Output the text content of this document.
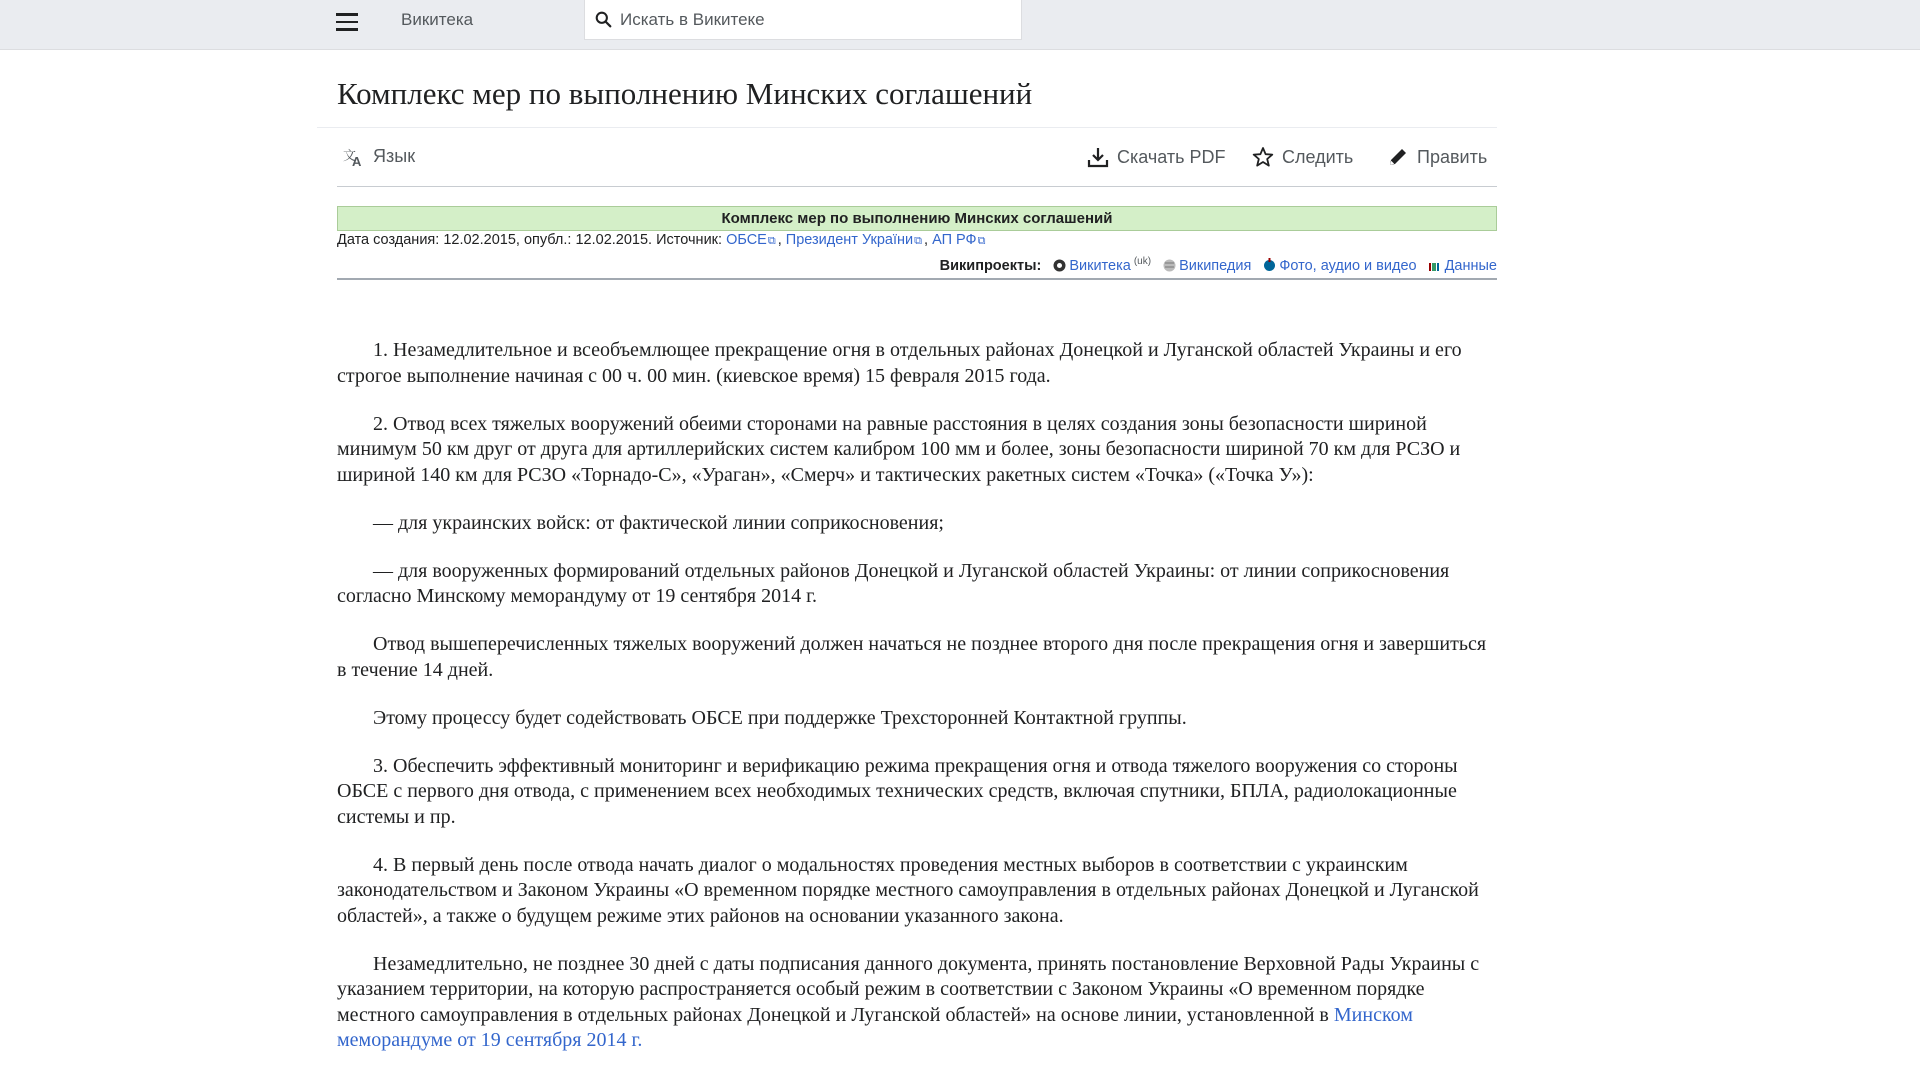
Викитека
Искать в Викитеке
Комплекс мер по выполнению Минских соглашений
文
A Язык	Скачать PDF	Следить	Править
Комплекс мер по выполнению Минских соглашений
Дата создания: 12.02.2015, опубл.: 12.02.2015. Источник: ОБСЕ⧉ , Президент України⧉ , АП РФ⧉
Википроекты: Викитека $^{(uk)}$ Википедия Фото, аудио и видео Данные

1. Незамедлительное и всеобъемлющее прекращение огня в отдельных районах Донецкой и Луганской областей Украины и его строгое выполнение начиная с 00 ч. 00 мин. (киевское время) 15 февраля 2015 года.

2. Отвод всех тяжелых вооружений обеими сторонами на равные расстояния в целях создания зоны безопасности шириной минимум 50 км друг от друга для артиллерийских систем калибром 100 мм и более, зоны безопасности шириной 70 км для РСЗО и шириной 140 км для РСЗО «Торнадо-С», «Ураган», «Смерч» и тактических ракетных систем «Точка» («Точка У»):

— для украинских войск: от фактической линии соприкосновения;

— для вооруженных формирований отдельных районов Донецкой и Луганской областей Украины: от линии соприкосновения согласно Минскому меморандуму от 19 сентября 2014 г.

Отвод вышеперечисленных тяжелых вооружений должен начаться не позднее второго дня после прекращения огня и завершиться в течение 14 дней.

Этому процессу будет содействовать ОБСЕ при поддержке Трехсторонней Контактной группы.

3. Обеспечить эффективный мониторинг и верификацию режима прекращения огня и отвода тяжелого вооружения со стороны ОБСЕ с первого дня отвода, с применением всех необходимых технических средств, включая спутники, БПЛА, радиолокационные системы и пр.

4. В первый день после отвода начать диалог о модальностях проведения местных выборов в соответствии с украинским законодательством и Законом Украины «О временном порядке местного самоуправления в отдельных районах Донецкой и Луганской областей», а также о будущем режиме этих районов на основании указанного закона.

Незамедлительно, не позднее 30 дней с даты подписания данного документа, принять постановление Верховной Рады Украины с указанием территории, на которую распространяется особый режим в соответствии с Законом Украины «О временном порядке местного самоуправления в отдельных районах Донецкой и Луганской областей» на основе линии, установленной в Минском меморандуме от 19 сентября 2014 г.
